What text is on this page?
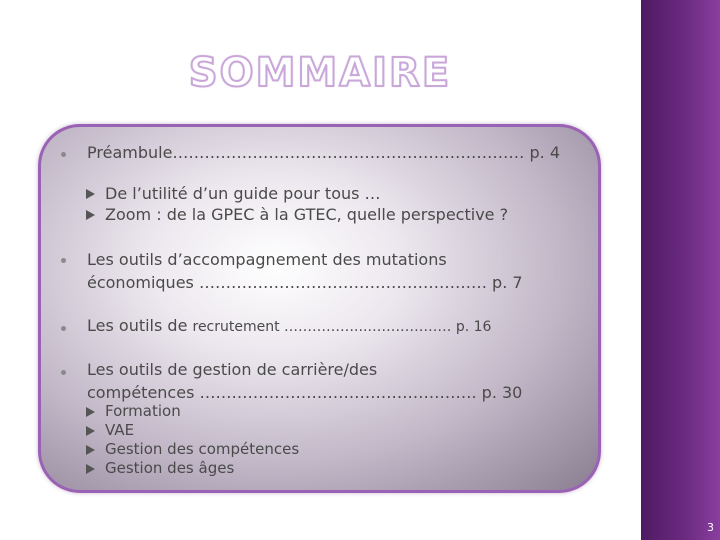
3
SOMMAIRE
Préambule………………………………………………………… p. 4
De l’utilité d’un guide pour tous …
Zoom : de la GPEC à la GTEC, quelle perspective ?
Les outils d’accompagnement des mutations
économiques ……………………………………………… p. 7
Les outils de recrutement ……………...……………… p. 16
Les outils de gestion de carrière/des
compétences ……………………………………………. p. 30
Formation
VAE
Gestion des compétences
Gestion des âges
